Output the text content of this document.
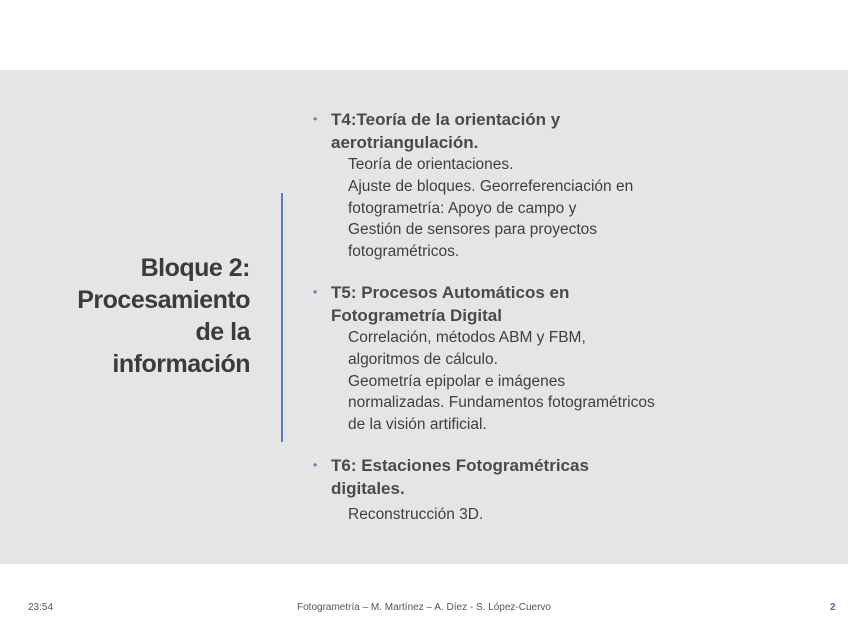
Bloque 2:
Procesamiento
de la
información
• T4:Teoría de la orientación y
aerotriangulación.
Teoría de orientaciones.
Ajuste de bloques. Georreferenciación en
fotogrametría: Apoyo de campo y
Gestión de sensores para proyectos
fotogramétricos.
• T5: Procesos Automáticos en
Fotogrametría Digital
Correlación, métodos ABM y FBM,
algoritmos de cálculo.
Geometría epipolar e imágenes
normalizadas. Fundamentos fotogramétricos
de la visión artificial.
• T6: Estaciones Fotogramétricas
digitales.
Reconstrucción 3D.
23:54	Fotogrametría – M. Martínez – A. Díez - S. López-Cuervo	2
